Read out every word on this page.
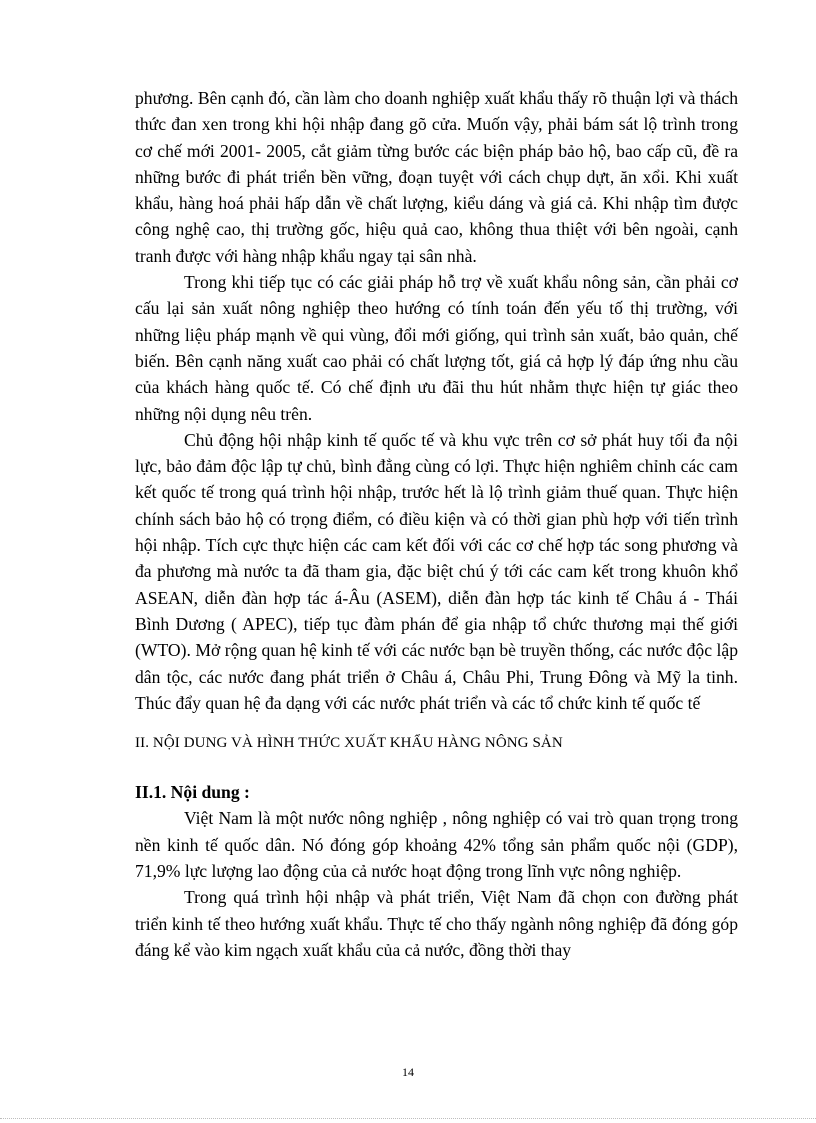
phương. Bên cạnh đó, cần làm cho doanh nghiệp xuất khẩu thấy rõ thuận lợi và thách thức đan xen trong khi hội nhập đang gõ cửa. Muốn vậy, phải bám sát lộ trình trong cơ chế mới 2001- 2005, cắt giảm từng bước các biện pháp bảo hộ, bao cấp cũ, đề ra những bước đi phát triển bền vững, đoạn tuyệt với cách chụp dựt, ăn xổi. Khi xuất khẩu, hàng hoá phải hấp dẫn về chất lượng, kiểu dáng và giá cả. Khi nhập tìm được công nghệ cao, thị trường gốc, hiệu quả cao, không thua thiệt với bên ngoài, cạnh tranh được với hàng nhập khẩu ngay tại sân nhà.

Trong khi tiếp tục có các giải pháp hỗ trợ về xuất khẩu nông sản, cần phải cơ cấu lại sản xuất nông nghiệp theo hướng có tính toán đến yếu tố thị trường, với những liệu pháp mạnh về qui vùng, đổi mới giống, qui trình sản xuất, bảo quản, chế biến. Bên cạnh năng xuất cao phải có chất lượng tốt, giá cả hợp lý đáp ứng nhu cầu của khách hàng quốc tế. Có chế định ưu đãi thu hút nhằm thực hiện tự giác theo những nội dụng nêu trên.

Chủ động hội nhập kinh tế quốc tế và khu vực trên cơ sở phát huy tối đa nội lực, bảo đảm độc lập tự chủ, bình đẳng cùng có lợi. Thực hiện nghiêm chỉnh các cam kết quốc tế trong quá trình hội nhập, trước hết là lộ trình giảm thuế quan. Thực hiện chính sách bảo hộ có trọng điểm, có điều kiện và có thời gian phù hợp với tiến trình hội nhập. Tích cực thực hiện các cam kết đối với các cơ chế hợp tác song phương và đa phương mà nước ta đã tham gia, đặc biệt chú ý tới các cam kết trong khuôn khổ ASEAN, diễn đàn hợp tác á-Âu (ASEM), diễn đàn hợp tác kinh tế Châu á - Thái Bình Dương ( APEC), tiếp tục đàm phán để gia nhập tổ chức thương mại thế giới (WTO). Mở rộng quan hệ kinh tế với các nước bạn bè truyền thống, các nước độc lập dân tộc, các nước đang phát triển ở Châu á, Châu Phi, Trung Đông và Mỹ la tinh. Thúc đẩy quan hệ đa dạng với các nước phát triển và các tổ chức kinh tế quốc tế

II. NỘI DUNG VÀ HÌNH THỨC XUẤT KHẨU HÀNG NÔNG SẢN
II.1. Nội dung :

Việt Nam là một nước nông nghiệp , nông nghiệp có vai trò quan trọng trong nền kinh tế quốc dân. Nó đóng góp khoảng 42% tổng sản phẩm quốc nội (GDP), 71,9% lực lượng lao động của cả nước hoạt động trong lĩnh vực nông nghiệp.

Trong quá trình hội nhập và phát triển, Việt Nam đã chọn con đường phát triển kinh tế theo hướng xuất khẩu. Thực tế cho thấy ngành nông nghiệp đã đóng góp đáng kể vào kim ngạch xuất khẩu của cả nước, đồng thời thay

14
